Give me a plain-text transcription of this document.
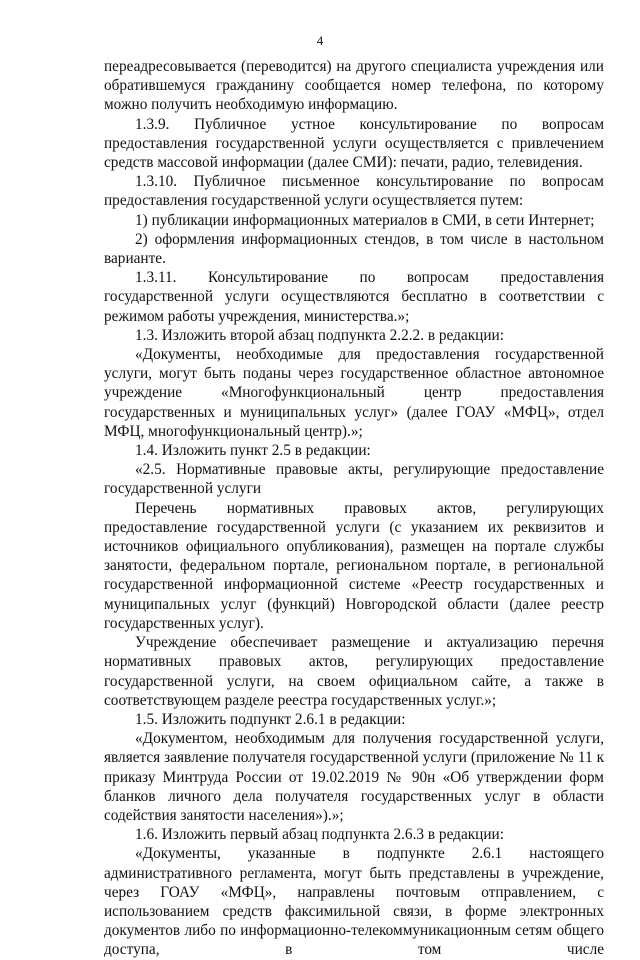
4

переадресовывается (переводится) на другого специалиста учреждения или обратившемуся гражданину сообщается номер телефона, по которому можно получить необходимую информацию.

1.3.9. Публичное устное консультирование по вопросам предоставления государственной услуги осуществляется с привлечением средств массовой информации (далее СМИ): печати, радио, телевидения.

1.3.10. Публичное письменное консультирование по вопросам предоставления государственной услуги осуществляется путем:

1) публикации информационных материалов в СМИ, в сети Интернет;

2) оформления информационных стендов, в том числе в настольном варианте.

1.3.11. Консультирование по вопросам предоставления государственной услуги осуществляются бесплатно в соответствии с режимом работы учреждения, министерства.»;

1.3. Изложить второй абзац подпункта 2.2.2. в редакции:

«Документы, необходимые для предоставления государственной услуги, могут быть поданы через государственное областное автономное учреждение «Многофункциональный центр предоставления государственных и муниципальных услуг» (далее ГОАУ «МФЦ», отдел МФЦ, многофункциональный центр).»;

1.4. Изложить пункт 2.5 в редакции:

«2.5. Нормативные правовые акты, регулирующие предоставление государственной услуги

Перечень нормативных правовых актов, регулирующих предоставление государственной услуги (с указанием их реквизитов и источников официального опубликования), размещен на портале службы занятости, федеральном портале, региональном портале, в региональной государственной информационной системе «Реестр государственных и муниципальных услуг (функций) Новгородской области (далее реестр государственных услуг).

Учреждение обеспечивает размещение и актуализацию перечня нормативных правовых актов, регулирующих предоставление государственной услуги, на своем официальном сайте, а также в соответствующем разделе реестра государственных услуг.»;

1.5. Изложить подпункт 2.6.1 в редакции:

«Документом, необходимым для получения государственной услуги, является заявление получателя государственной услуги (приложение № 11 к приказу Минтруда России от 19.02.2019 № 90н «Об утверждении форм бланков личного дела получателя государственных услуг в области содействия занятости населения»).»;

1.6. Изложить первый абзац подпункта 2.6.3 в редакции:

«Документы, указанные в подпункте 2.6.1 настоящего административного регламента, могут быть представлены в учреждение, через ГОАУ «МФЦ», направлены почтовым отправлением, с использованием средств факсимильной связи, в форме электронных документов либо по информационно-телекоммуникационным сетям общего доступа, в том числе
